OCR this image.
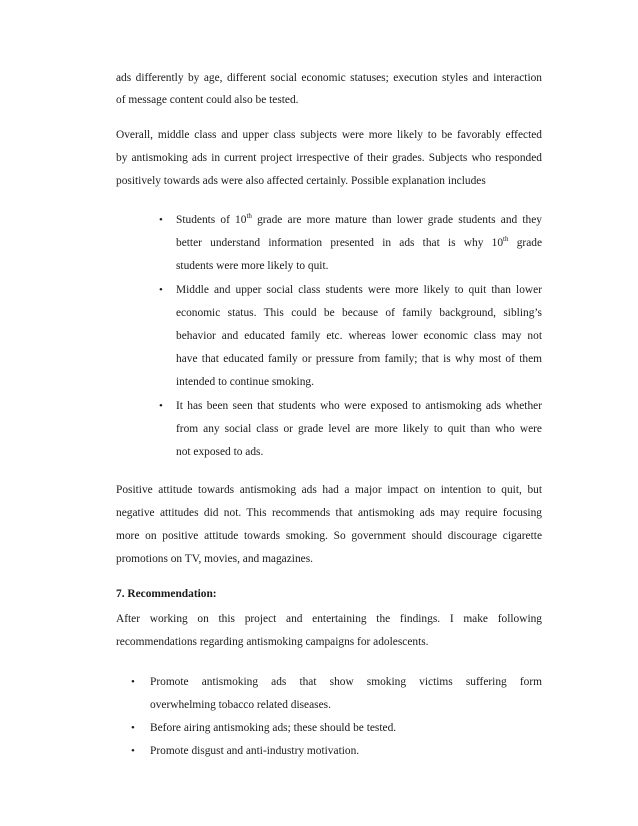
ads differently by age, different social economic statuses; execution styles and interaction
of message content could also be tested.
Overall, middle class and upper class subjects were more likely to be favorably effected
by antismoking ads in current project irrespective of their grades. Subjects who responded
positively towards ads were also affected certainly. Possible explanation includes
• Students of 10th grade are more mature than lower grade students and they
better understand information presented in ads that is why 10th grade
students were more likely to quit.
• Middle and upper social class students were more likely to quit than lower
economic status. This could be because of family background, sibling’s
behavior and educated family etc. whereas lower economic class may not
have that educated family or pressure from family; that is why most of them
intended to continue smoking.
• It has been seen that students who were exposed to antismoking ads whether
from any social class or grade level are more likely to quit than who were
not exposed to ads.
Positive attitude towards antismoking ads had a major impact on intention to quit, but
negative attitudes did not. This recommends that antismoking ads may require focusing
more on positive attitude towards smoking. So government should discourage cigarette
promotions on TV, movies, and magazines.
7. Recommendation:
After working on this project and entertaining the findings. I make following
recommendations regarding antismoking campaigns for adolescents.
• Promote antismoking ads that show smoking victims suffering form
overwhelming tobacco related diseases.
• Before airing antismoking ads; these should be tested.
• Promote disgust and anti-industry motivation.
